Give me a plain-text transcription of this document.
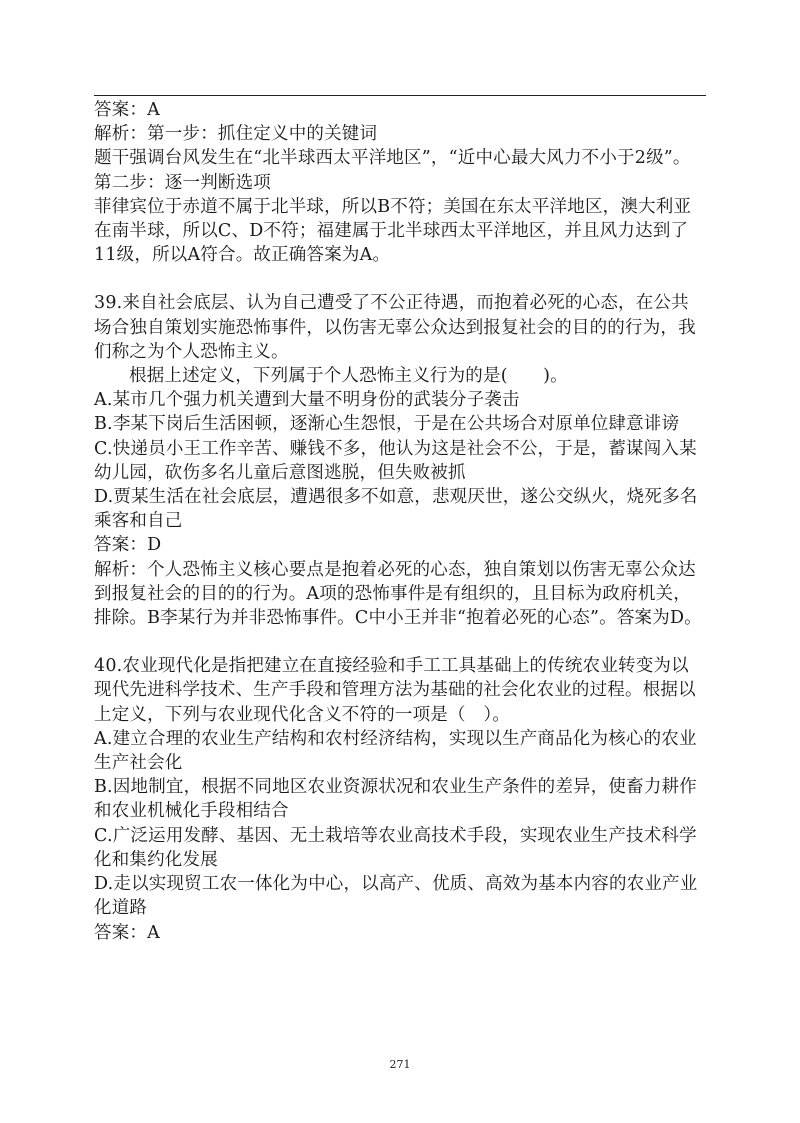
答案：A

解析：第一步：抓住定义中的关键词

题干强调台风发生在“北半球西太平洋地区”，“近中心最大风力不小于2级”。

第二步：逐一判断选项

菲律宾位于赤道不属于北半球，所以B不符；美国在东太平洋地区，澳大利亚在南半球，所以C、D不符；福建属于北半球西太平洋地区，并且风力达到了11级，所以A符合。故正确答案为A。

39.来自社会底层、认为自己遭受了不公正待遇，而抱着必死的心态，在公共场合独自策划实施恐怖事件，以伤害无辜公众达到报复社会的目的的行为，我们称之为个人恐怖主义。

根据上述定义，下列属于个人恐怖主义行为的是(　　)。

A.某市几个强力机关遭到大量不明身份的武装分子袭击

B.李某下岗后生活困顿，逐渐心生怨恨，于是在公共场合对原单位肆意诽谤

C.快递员小王工作辛苦、赚钱不多，他认为这是社会不公，于是，蓄谋闯入某幼儿园，砍伤多名儿童后意图逃脱，但失败被抓

D.贾某生活在社会底层，遭遇很多不如意，悲观厌世，遂公交纵火，烧死多名乘客和自己

答案：D

解析：个人恐怖主义核心要点是抱着必死的心态，独自策划以伤害无辜公众达到报复社会的目的的行为。A项的恐怖事件是有组织的，且目标为政府机关，排除。B李某行为并非恐怖事件。C中小王并非“抱着必死的心态”。答案为D。

40.农业现代化是指把建立在直接经验和手工工具基础上的传统农业转变为以现代先进科学技术、生产手段和管理方法为基础的社会化农业的过程。根据以上定义，下列与农业现代化含义不符的一项是（　）。

A.建立合理的农业生产结构和农村经济结构，实现以生产商品化为核心的农业生产社会化

B.因地制宜，根据不同地区农业资源状况和农业生产条件的差异，使畜力耕作和农业机械化手段相结合

C.广泛运用发酵、基因、无土栽培等农业高技术手段，实现农业生产技术科学化和集约化发展

D.走以实现贸工农一体化为中心，以高产、优质、高效为基本内容的农业产业化道路

答案：A

271
